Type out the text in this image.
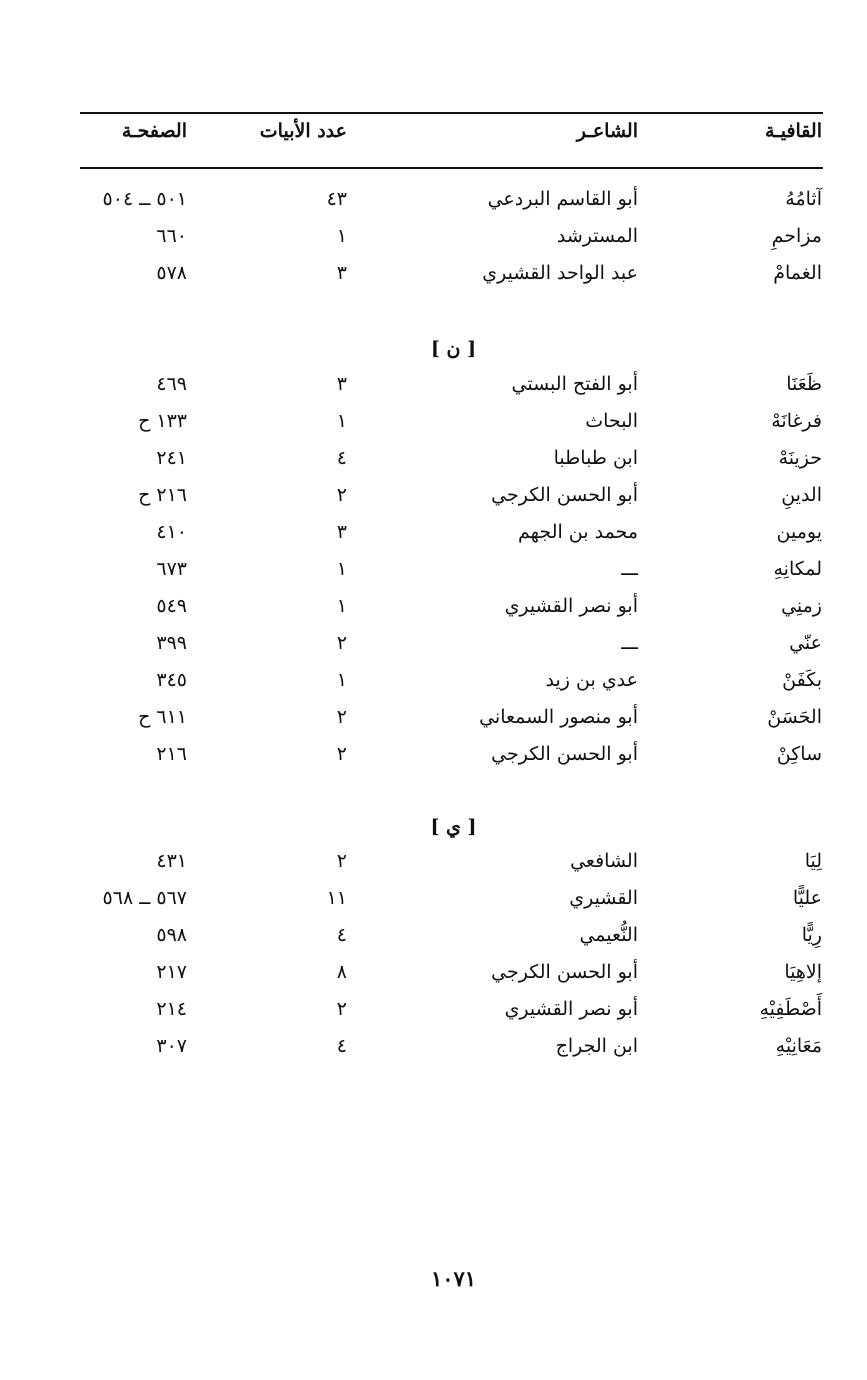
القافيـة
الشاعـر
عدد الأبيات
الصفحـة
آثامُهُ
أبو القاسم البردعي
٤٣
٥٠١ ــ ٥٠٤
مزاحمِ
المسترشد
١
٦٦٠
الغمامْ
عبد الواحد القشيري
٣
٥٧٨
[ ن ]
ظَعَنَا
أبو الفتح البستي
٣
٤٦٩
فرغانَهْ
البحاث
١
١٣٣ ح
حزينَهْ
ابن طباطبا
٤
٢٤١
الدينِ
أبو الحسن الكرجي
٢
٢١٦ ح
يومين
محمد بن الجهم
٣
٤١٠
لمكانِهِ
ـــ
١
٦٧٣
زمنِي
أبو نصر القشيري
١
٥٤٩
عنّي
ـــ
٢
٣٩٩
بكَفَنْ
عدي بن زيد
١
٣٤٥
الحَسَنْ
أبو منصور السمعاني
٢
٦١١ ح
ساكِنْ
أبو الحسن الكرجي
٢
٢١٦
[ ي ]
لِيَا
الشافعي
٢
٤٣١
عليًّا
القشيري
١١
٥٦٧ ــ ٥٦٨
رِيًّا
النُّعيمي
٤
٥٩٨
إلاهِيَا
أبو الحسن الكرجي
٨
٢١٧
أَصْطَفِيْهِ
أبو نصر القشيري
٢
٢١٤
مَعَانِيْهِ
ابن الجراج
٤
٣٠٧
١٠٧١
